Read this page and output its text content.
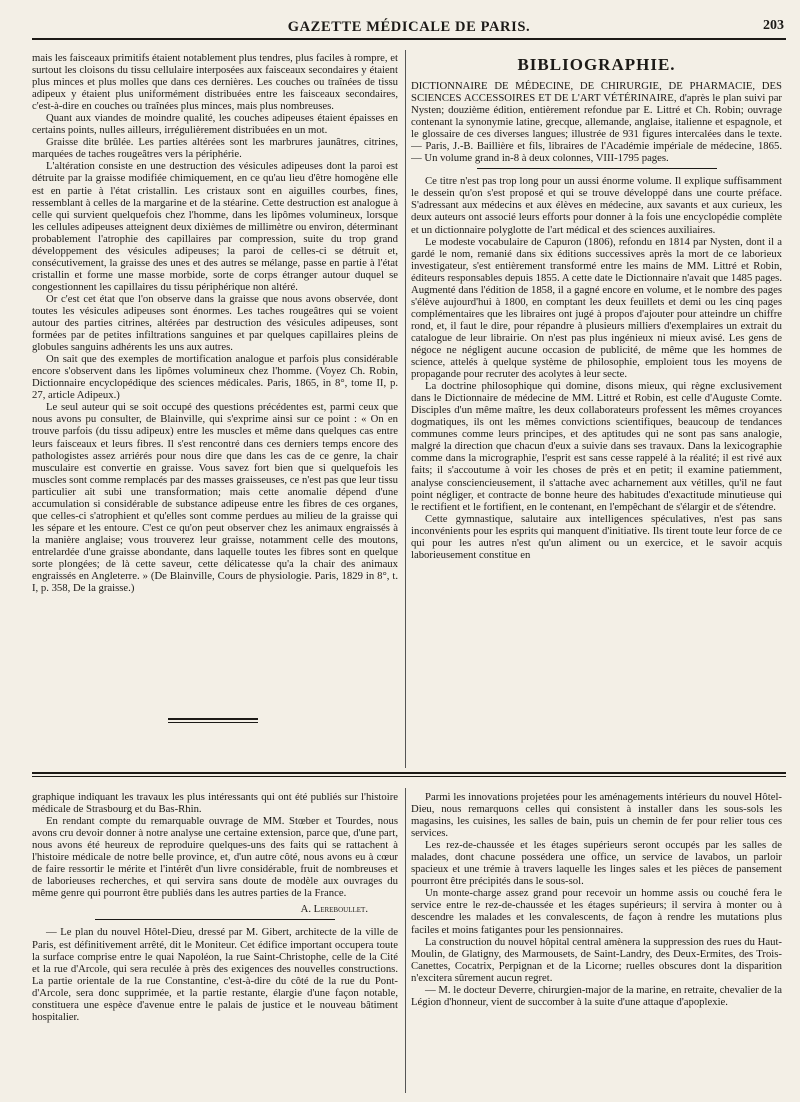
GAZETTE MÉDICALE DE PARIS.	203

mais les faisceaux primitifs étaient notablement plus tendres, plus faciles à rompre, et surtout les cloisons du tissu cellulaire interposées aux faisceaux secondaires y étaient plus minces et plus molles que dans ces dernières. Les couches ou traînées de tissu adipeux y étaient plus uniformément distribuées entre les faisceaux secondaires, c'est-à-dire en couches ou traînées plus minces, mais plus nombreuses.

Quant aux viandes de moindre qualité, les couches adipeuses étaient épaisses en certains points, nulles ailleurs, irrégulièrement distribuées en un mot.

Graisse dite brûlée. Les parties altérées sont les marbrures jaunâtres, citrines, marquées de taches rougeâtres vers la périphérie.

L'altération consiste en une destruction des vésicules adipeuses dont la paroi est détruite par la graisse modifiée chimiquement, en ce qu'au lieu d'être homogène elle est en partie à l'état cristallin. Les cristaux sont en aiguilles courbes, fines, ressemblant à celles de la margarine et de la stéarine. Cette destruction est analogue à celle qui survient quelquefois chez l'homme, dans les lipômes volumineux, lorsque les cellules adipeuses atteignent deux dixièmes de millimètre ou environ, déterminant probablement l'atrophie des capillaires par compression, suite du trop grand développement des vésicules adipeuses; la paroi de celles-ci se détruit et, consécutivement, la graisse des unes et des autres se mélange, passe en partie à l'état cristallin et forme une masse morbide, sorte de corps étranger autour duquel se congestionnent les capillaires du tissu périphérique non altéré.

Or c'est cet état que l'on observe dans la graisse que nous avons observée, dont toutes les vésicules adipeuses sont énormes. Les taches rougeâtres qui se voient autour des parties citrines, altérées par destruction des vésicules adipeuses, sont formées par de petites infiltrations sanguines et par quelques capillaires pleins de globules sanguins adhérents les uns aux autres.

On sait que des exemples de mortification analogue et parfois plus considérable encore s'observent dans les lipômes volumineux chez l'homme. (Voyez Ch. Robin, Dictionnaire encyclopédique des sciences médicales. Paris, 1865, in 8°, tome II, p. 27, article Adipeux.)

Le seul auteur qui se soit occupé des questions précédentes est, parmi ceux que nous avons pu consulter, de Blainville, qui s'exprime ainsi sur ce point : « On en trouve parfois (du tissu adipeux) entre les muscles et même dans quelques cas entre leurs faisceaux et leurs fibres. Il s'est rencontré dans ces derniers temps encore des pathologistes assez arriérés pour nous dire que dans les cas de ce genre, la chair musculaire est convertie en graisse. Vous savez fort bien que si quelquefois les muscles sont comme remplacés par des masses graisseuses, ce n'est pas que leur tissu particulier ait subi une transformation; mais cette anomalie dépend d'une accumulation si considérable de substance adipeuse entre les fibres de ces organes, que celles-ci s'atrophient et qu'elles sont comme perdues au milieu de la graisse qui les sépare et les entoure. C'est ce qu'on peut observer chez les animaux engraissés à la manière anglaise; vous trouverez leur graisse, notamment celle des moutons, entrelardée d'une graisse abondante, dans laquelle toutes les fibres sont en quelque sorte plongées; de là cette saveur, cette délicatesse qu'a la chair des animaux engraissés en Angleterre. » (De Blainville, Cours de physiologie. Paris, 1829 in 8°, t. I, p. 358, De la graisse.)

BIBLIOGRAPHIE.

DICTIONNAIRE DE MÉDECINE, DE CHIRURGIE, DE PHARMACIE, DES SCIENCES ACCESSOIRES ET DE L'ART VÉTÉRINAIRE, d'après le plan suivi par Nysten; douzième édition, entièrement refondue par E. Littré et Ch. Robin; ouvrage contenant la synonymie latine, grecque, allemande, anglaise, italienne et espagnole, et le glossaire de ces diverses langues; illustrée de 931 figures intercalées dans le texte. — Paris, J.-B. Baillière et fils, libraires de l'Académie impériale de médecine, 1865. — Un volume grand in-8 à deux colonnes, VIII-1795 pages.

Ce titre n'est pas trop long pour un aussi énorme volume. Il explique suffisamment le dessein qu'on s'est proposé et qui se trouve développé dans une courte préface. S'adressant aux médecins et aux élèves en médecine, aux savants et aux curieux, les deux auteurs ont associé leurs efforts pour donner à la fois une encyclopédie complète et un dictionnaire polyglotte de l'art médical et des sciences auxiliaires.

Le modeste vocabulaire de Capuron (1806), refondu en 1814 par Nysten, dont il a gardé le nom, remanié dans six éditions successives après la mort de ce laborieux investigateur, s'est entièrement transformé entre les mains de MM. Littré et Robin, éditeurs responsables depuis 1855. A cette date le Dictionnaire n'avait que 1485 pages. Augmenté dans l'édition de 1858, il a gagné encore en volume, et le nombre des pages s'élève aujourd'hui à 1800, en comptant les deux feuillets et demi ou les cinq pages complémentaires que les libraires ont jugé à propos d'ajouter pour atteindre un chiffre rond, et, il faut le dire, pour répandre à plusieurs milliers d'exemplaires un extrait du catalogue de leur librairie. On n'est pas plus ingénieux ni mieux avisé. Les gens de négoce ne négligent aucune occasion de publicité, de même que les hommes de science, attelés à quelque système de philosophie, emploient tous les moyens de propagande pour recruter des acolytes à leur secte.

La doctrine philosophique qui domine, disons mieux, qui règne exclusivement dans le Dictionnaire de médecine de MM. Littré et Robin, est celle d'Auguste Comte. Disciples d'un même maître, les deux collaborateurs professent les mêmes croyances dogmatiques, ils ont les mêmes convictions scientifiques, beaucoup de tendances communes comme leurs principes, et des aptitudes qui ne sont pas sans analogie, malgré la direction que chacun d'eux a suivie dans ses travaux. Dans la lexicographie comme dans la micrographie, l'esprit est sans cesse rappelé à la réalité; il est rivé aux faits; il s'accoutume à voir les choses de près et en petit; il examine patiemment, analyse consciencieusement, il s'attache avec acharnement aux vétilles, qu'il ne faut point négliger, et contracte de bonne heure des habitudes d'exactitude minutieuse qui le rectifient et le fortifient, en le contenant, en l'empêchant de s'élargir et de s'étendre.

Cette gymnastique, salutaire aux intelligences spéculatives, n'est pas sans inconvénients pour les esprits qui manquent d'initiative. Ils tirent toute leur force de ce qui pour les autres n'est qu'un aliment ou un exercice, et le savoir acquis laborieusement constitue en

graphique indiquant les travaux les plus intéressants qui ont été publiés sur l'histoire médicale de Strasbourg et du Bas-Rhin.

En rendant compte du remarquable ouvrage de MM. Stœber et Tourdes, nous avons cru devoir donner à notre analyse une certaine extension, parce que, d'une part, nous avons été heureux de reproduire quelques-uns des faits qui se rattachent à l'histoire médicale de notre belle province, et, d'un autre côté, nous avons eu à cœur de faire ressortir le mérite et l'intérêt d'un livre considérable, fruit de nombreuses et de laborieuses recherches, et qui servira sans doute de modèle aux ouvrages du même genre qui pourront être publiés dans les autres parties de la France.

A. Lereboullet.

— Le plan du nouvel Hôtel-Dieu, dressé par M. Gibert, architecte de la ville de Paris, est définitivement arrêté, dit le Moniteur. Cet édifice important occupera toute la surface comprise entre le quai Napoléon, la rue Saint-Christophe, celle de la Cité et la rue d'Arcole, qui sera reculée à près des exigences des nouvelles constructions. La partie orientale de la rue Constantine, c'est-à-dire du côté de la rue du Pont-d'Arcole, sera donc supprimée, et la partie restante, élargie d'une façon notable, constituera une espèce d'avenue entre le palais de justice et le nouveau bâtiment hospitalier.

Parmi les innovations projetées pour les aménagements intérieurs du nouvel Hôtel-Dieu, nous remarquons celles qui consistent à installer dans les sous-sols les magasins, les cuisines, les salles de bain, puis un chemin de fer pour relier tous ces services.

Les rez-de-chaussée et les étages supérieurs seront occupés par les salles de malades, dont chacune possédera une office, un service de lavabos, un parloir spacieux et une trémie à travers laquelle les linges sales et les pièces de pansement pourront être précipités dans le sous-sol.

Un monte-charge assez grand pour recevoir un homme assis ou couché fera le service entre le rez-de-chaussée et les étages supérieurs; il servira à monter ou à descendre les malades et les convalescents, de façon à rendre les mutations plus faciles et moins fatigantes pour les pensionnaires.

La construction du nouvel hôpital central amènera la suppression des rues du Haut-Moulin, de Glatigny, des Marmousets, de Saint-Landry, des Deux-Ermites, des Trois-Canettes, Cocatrix, Perpignan et de la Licorne; ruelles obscures dont la disparition n'excitera sûrement aucun regret.

— M. le docteur Deverre, chirurgien-major de la marine, en retraite, chevalier de la Légion d'honneur, vient de succomber à la suite d'une attaque d'apoplexie.
